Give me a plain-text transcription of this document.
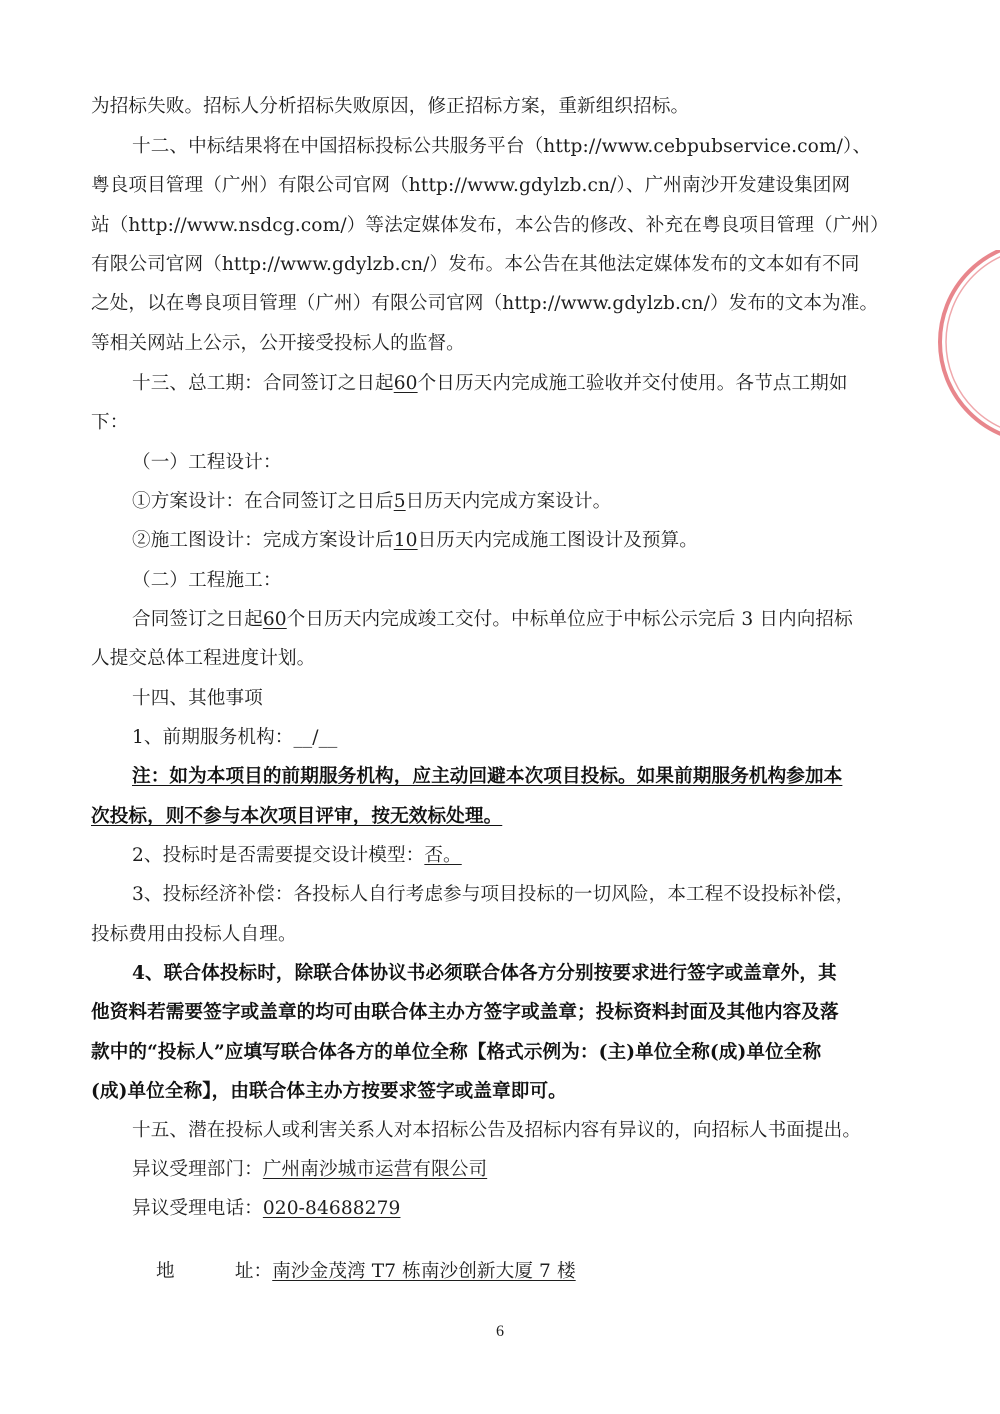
为招标失败。招标人分析招标失败原因，修正招标方案，重新组织招标。
十二、中标结果将在中国招标投标公共服务平台（http://www.cebpubservice.com/）、
粤良项目管理（广州）有限公司官网（http://www.gdylzb.cn/）、广州南沙开发建设集团网
站（http://www.nsdcg.com/）等法定媒体发布，本公告的修改、补充在粤良项目管理（广州）
有限公司官网（http://www.gdylzb.cn/）发布。本公告在其他法定媒体发布的文本如有不同
之处，以在粤良项目管理（广州）有限公司官网（http://www.gdylzb.cn/）发布的文本为准。
等相关网站上公示，公开接受投标人的监督。
十三、总工期：合同签订之日起60个日历天内完成施工验收并交付使用。各节点工期如
下：
（一）工程设计：
①方案设计：在合同签订之日后5日历天内完成方案设计。
②施工图设计：完成方案设计后10日历天内完成施工图设计及预算。
（二）工程施工：
合同签订之日起60个日历天内完成竣工交付。中标单位应于中标公示完后 3 日内向招标
人提交总体工程进度计划。
十四、其他事项
1、前期服务机构：__/__
注：如为本项目的前期服务机构，应主动回避本次项目投标。如果前期服务机构参加本
次投标，则不参与本次项目评审，按无效标处理。
2、投标时是否需要提交设计模型：否。
3、投标经济补偿：各投标人自行考虑参与项目投标的一切风险，本工程不设投标补偿，
投标费用由投标人自理。
4、联合体投标时，除联合体协议书必须联合体各方分别按要求进行签字或盖章外，其
他资料若需要签字或盖章的均可由联合体主办方签字或盖章；投标资料封面及其他内容及落
款中的“投标人”应填写联合体各方的单位全称【格式示例为：(主)单位全称(成)单位全称
(成)单位全称】，由联合体主办方按要求签字或盖章即可。
十五、潜在投标人或利害关系人对本招标公告及招标内容有异议的，向招标人书面提出。
异议受理部门：广州南沙城市运营有限公司
异议受理电话：020-84688279

地          址：南沙金茂湾 T7 栋南沙创新大厦 7 楼

6
